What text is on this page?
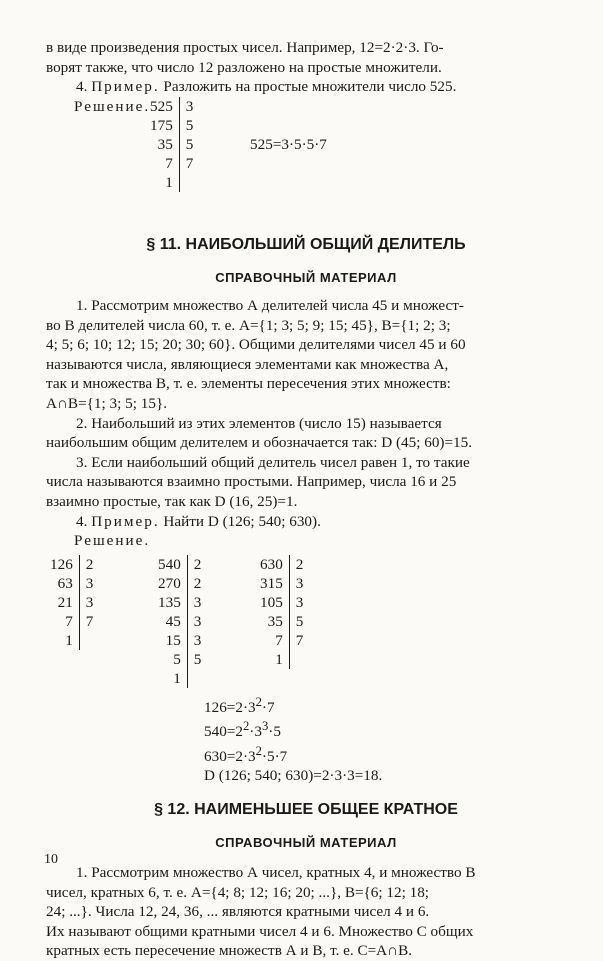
в виде произведения простых чисел. Например, 12=2·2·3. Го-

ворят также, что число 12 разложено на простые множители.

4. Пример. Разложить на простые множители число 525.

Решение. 525	3
175	5
35	5
7	7
1	
525=3·5·5·7

§ 11. НАИБОЛЬШИЙ ОБЩИЙ ДЕЛИТЕЛЬ

СПРАВОЧНЫЙ МАТЕРИАЛ

1. Рассмотрим множество А делителей числа 45 и множест-

во В делителей числа 60, т. е. А={1; 3; 5; 9; 15; 45}, В={1; 2; 3;

4; 5; 6; 10; 12; 15; 20; 30; 60}. Общими делителями чисел 45 и 60

называются числа, являющиеся элементами как множества А,

так и множества В, т. е. элементы пересечения этих множеств:

А∩В={1; 3; 5; 15}.

2. Наибольший из этих элементов (число 15) называется

наибольшим общим делителем и обозначается так: D (45; 60)=15.

3. Если наибольший общий делитель чисел равен 1, то такие

числа называются взаимно простыми. Например, числа 16 и 25

взаимно простые, так как D (16, 25)=1.

4. Пример. Найти D (126; 540; 630).

Решение.

126	2
63	3
21	3
7	7
1	
540	2
270	2
135	3
45	3
15	3
5	5
1	
630	2
315	3
105	3
35	5
7	7
1	
$126=2\cdot 3^2\cdot 7$
$540=2^2\cdot 3^3\cdot 5$
$630=2\cdot 3^2\cdot 5\cdot 7$
D (126; 540; 630)=2·3·3=18.

§ 12. НАИМЕНЬШЕЕ ОБЩЕЕ КРАТНОЕ

СПРАВОЧНЫЙ МАТЕРИАЛ

1. Рассмотрим множество А чисел, кратных 4, и множество В

чисел, кратных 6, т. е. А={4; 8; 12; 16; 20; ...}, В={6; 12; 18;

24; ...}. Числа 12, 24, 36, ... являются кратными чисел 4 и 6.

Их называют общими кратными чисел 4 и 6. Множество С общих

кратных есть пересечение множеств А и В, т. е. С=А∩В.

10
